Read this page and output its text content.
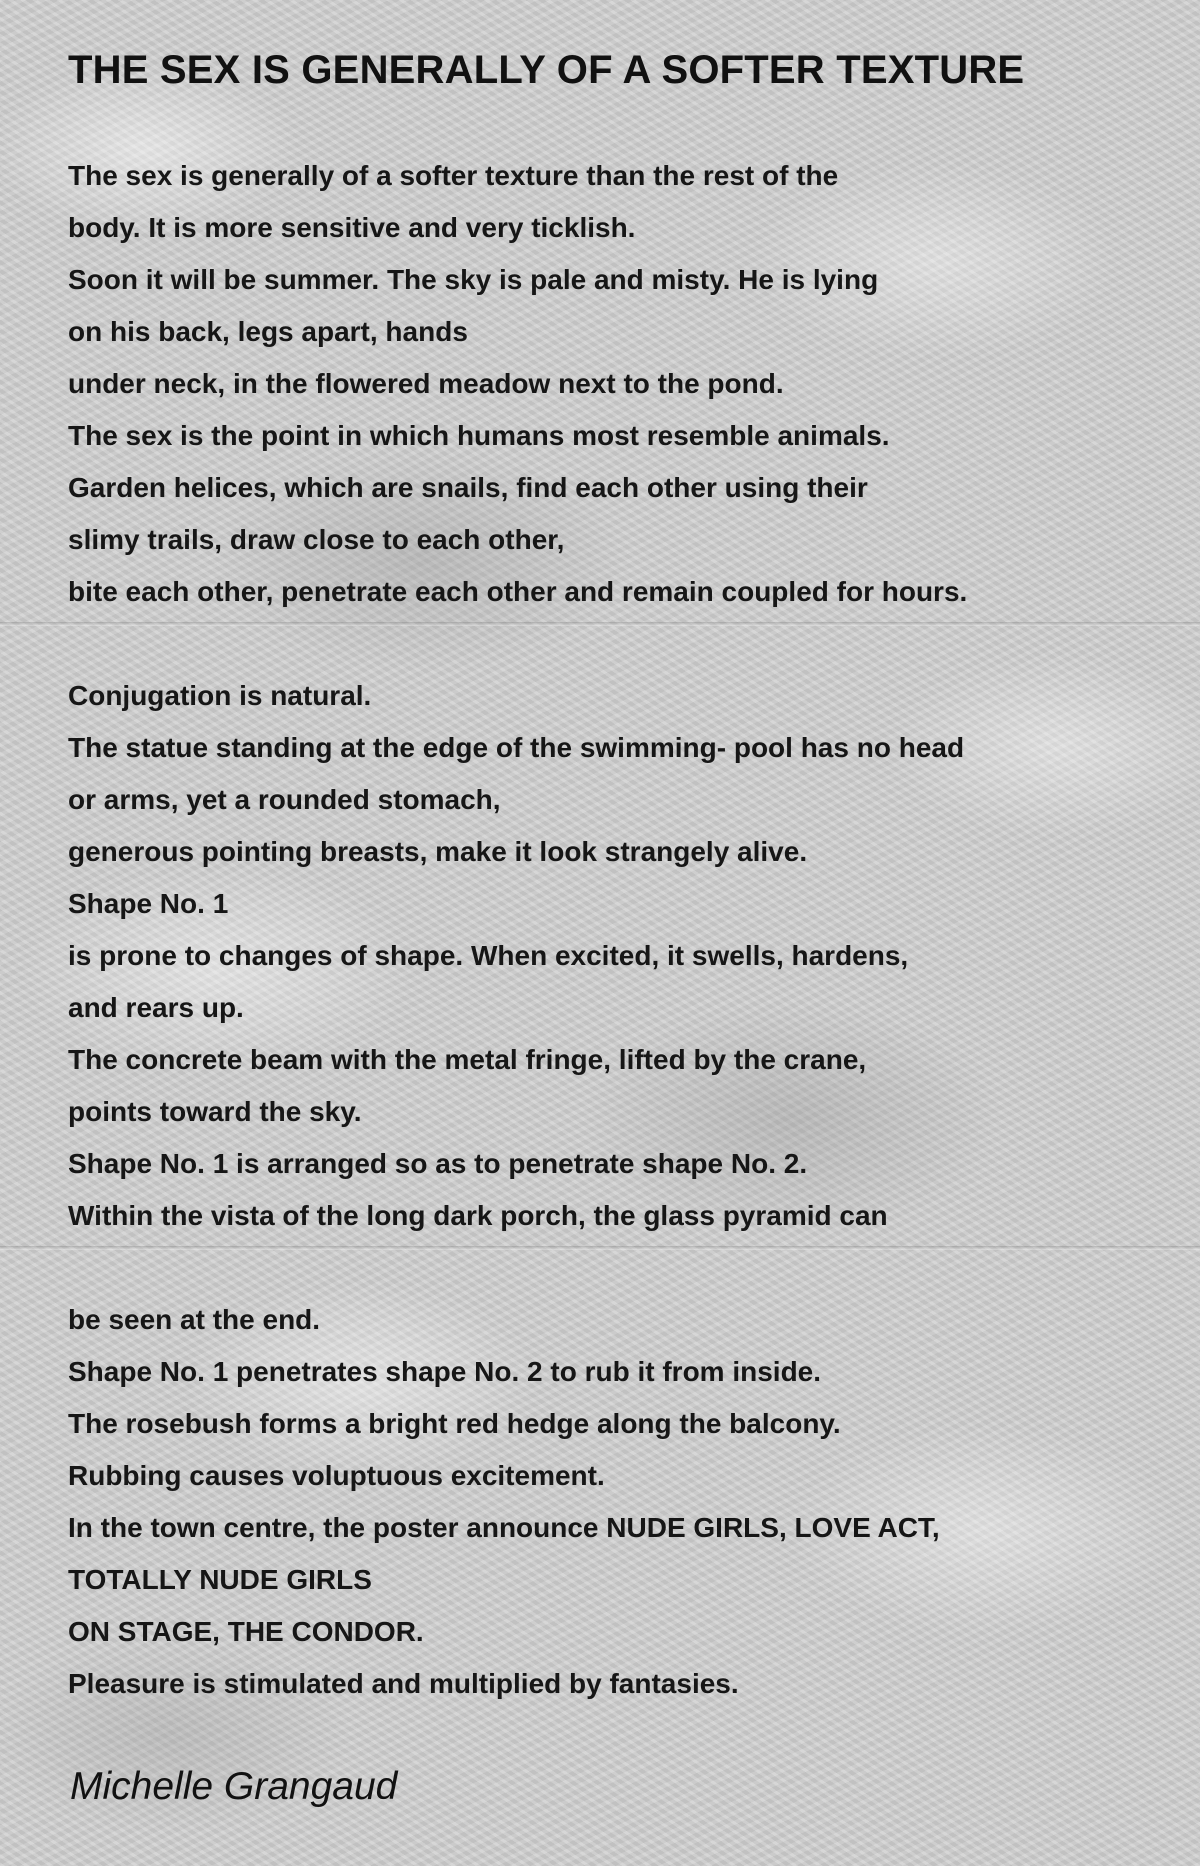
THE SEX IS GENERALLY OF A SOFTER TEXTURE
The sex is generally of a softer texture than the rest of the
body. It is more sensitive and very ticklish.
Soon it will be summer. The sky is pale and misty. He is lying
on his back, legs apart, hands
under neck, in the flowered meadow next to the pond.
The sex is the point in which humans most resemble animals.
Garden helices, which are snails, find each other using their
slimy trails, draw close to each other,
bite each other, penetrate each other and remain coupled for hours.
Conjugation is natural.
The statue standing at the edge of the swimming- pool has no head
or arms, yet a rounded stomach,
generous pointing breasts, make it look strangely alive.
Shape No. 1
is prone to changes of shape. When excited, it swells, hardens,
and rears up.
The concrete beam with the metal fringe, lifted by the crane,
points toward the sky.
Shape No. 1 is arranged so as to penetrate shape No. 2.
Within the vista of the long dark porch, the glass pyramid can
be seen at the end.
Shape No. 1 penetrates shape No. 2 to rub it from inside.
The rosebush forms a bright red hedge along the balcony.
Rubbing causes voluptuous excitement.
In the town centre, the poster announce NUDE GIRLS, LOVE ACT,
TOTALLY NUDE GIRLS
ON STAGE, THE CONDOR.
Pleasure is stimulated and multiplied by fantasies.
Michelle Grangaud
